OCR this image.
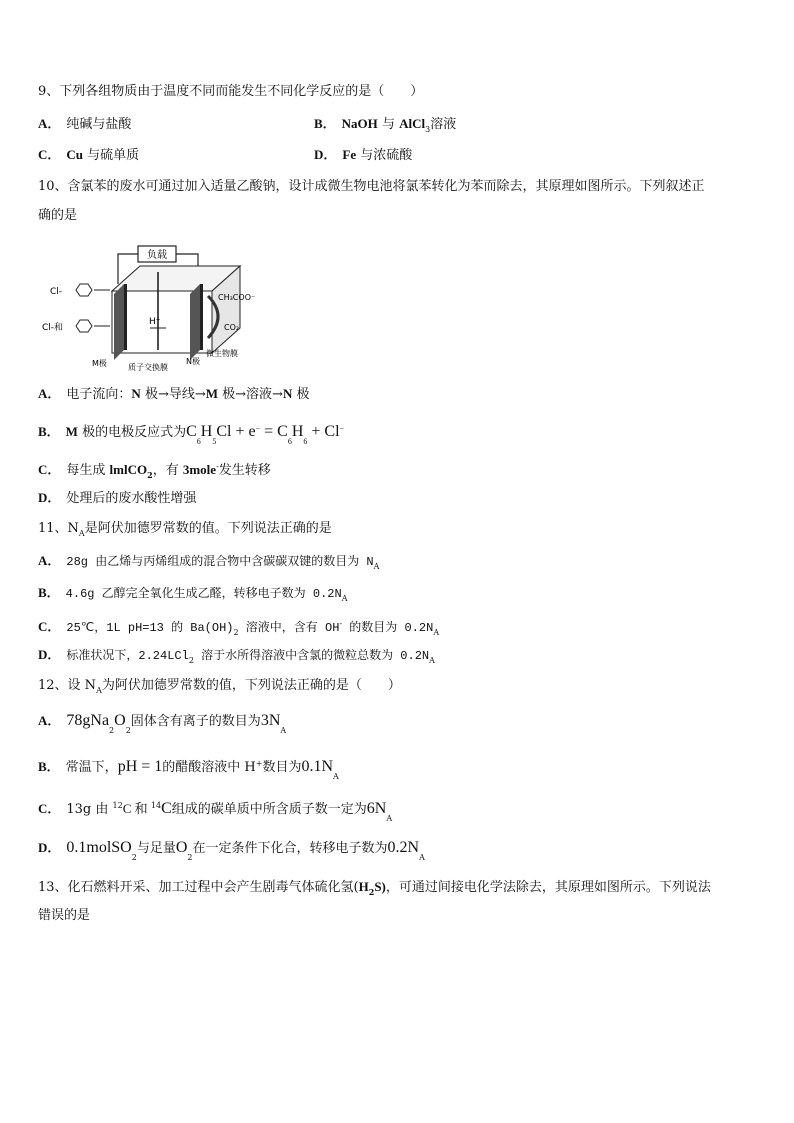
9、下列各组物质由于温度不同而能发生不同化学反应的是（　　）
A． 纯碱与盐酸	B． NaOH 与 AlCl$_3$溶液
C． Cu 与硫单质	D． Fe 与浓硫酸
10、含氯苯的废水可通过加入适量乙酸钠，设计成微生物电池将氯苯转化为苯而除去，其原理如图所示。下列叙述正
确的是
负载
H⁺
Cl-
Cl-和
CH₃COO⁻
CO₂
微生物膜
M极	质子交换膜
N极
A． 电子流向：N 极→导线→M 极→溶液→N 极
B． M 极的电极反应式为$C_6H_5Cl + e^- = C_6H_6 + Cl^-$
C． 每生成 lmlCO$_2$，有 3mole-发生转移
D． 处理后的废水酸性增强
11、$N_A$是阿伏加德罗常数的值。下列说法正确的是
A． 28g 由乙烯与丙烯组成的混合物中含碳碳双键的数目为 $N_A$
B． 4.6g 乙醇完全氧化生成乙醛，转移电子数为 $0.2N_A$
C． 25℃，1L pH=13 的 $Ba(OH)_2$ 溶液中，含有 OH- 的数目为 $0.2N_A$
D． 标准状况下，2.24LCl$_2$ 溶于水所得溶液中含氯的微粒总数为 $0.2N_A$
12、设 $N_A$为阿伏加德罗常数的值，下列说法正确的是（　　）
A． $78gNa_2O_2$固体含有离子的数目为$3N_A$
B． 常温下，pH = 1的醋酸溶液中 H+数目为$0.1N_A$
C． 13g 由 $^{12}$C 和 $^{14}$C组成的碳单质中所含质子数一定为$6N_A$
D． 0.1molSO$_2$与足量$O_2$在一定条件下化合，转移电子数为$0.2N_A$
13、化石燃料开采、加工过程中会产生剧毒气体硫化氢$(H_2S)$，可通过间接电化学法除去，其原理如图所示。下列说法
错误的是
